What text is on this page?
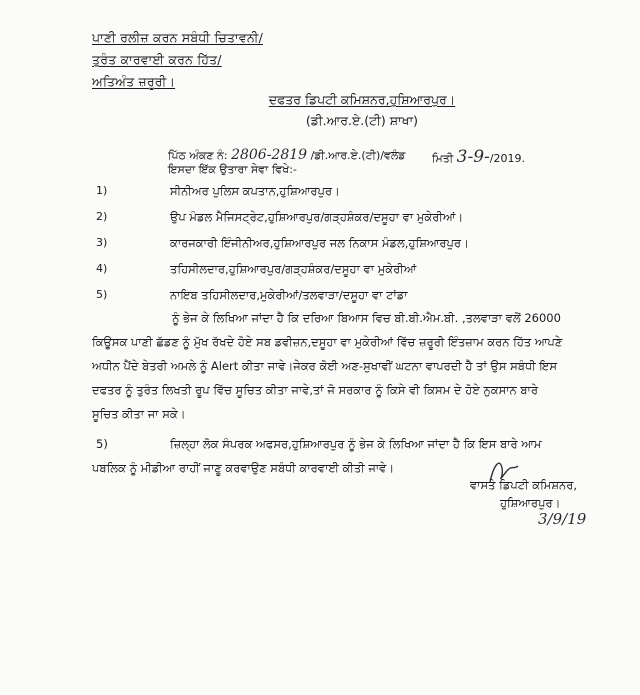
ਪਾਣੀ ਰਲੀਜ਼ ਕਰਨ ਸਬੰਧੀ ਚਿਤਾਵਨੀ/
ਤੁਰੰਤ ਕਾਰਵਾਈ ਕਰਨ ਹਿੱਤ/
ਅਤਿਅੰਤ ਜ਼ਰੂਰੀ।
ਦਫਤਰ ਡਿਪਟੀ ਕਮਿਸ਼ਨਰ,ਹੁਸ਼ਿਆਰਪੁਰ।
(ਡੀ.ਆਰ.ਏ.(ਟੀ) ਸ਼ਾਖਾ)
ਪਿੱਠ ਅੰਕਣ ਨੰ: 2806-2819 /ਡੀ.ਆਰ.ਏ.(ਟੀ)/ਵਲੰਡ ਮਿਤੀ 3-9-/2019.
ਇਸਦਾ ਇੱਕ ਉਤਾਰਾ ਸੇਵਾ ਵਿਖੇ:-
1)	ਸੀਨੀਅਰ ਪੁਲਿਸ ਕਪਤਾਨ,ਹੁਸ਼ਿਆਰਪੁਰ।
2)	ਉਪ ਮੰਡਲ ਮੈਜਿਸਟ੍ਰੇਟ,ਹੁਸ਼ਿਆਰਪੁਰ/ਗੜ੍ਹਸ਼ੰਕਰ/ਦਸੂਹਾ ਵਾ ਮੁਕੇਰੀਆਂ।
3)	ਕਾਰਜਕਾਰੀ ਇੰਜੀਨੀਅਰ,ਹੁਸ਼ਿਆਰਪੁਰ ਜਲ ਨਿਕਾਸ ਮੰਡਲ,ਹੁਸ਼ਿਆਰਪੁਰ।
4)	ਤਹਿਸੀਲਦਾਰ,ਹੁਸ਼ਿਆਰਪੁਰ/ਗੜ੍ਹਸ਼ੰਕਰ/ਦਸੂਹਾ ਵਾ ਮੁਕੇਰੀਆਂ
5)	ਨਾਇਬ ਤਹਿਸੀਲਦਾਰ,ਮੁਕੇਰੀਆਂ/ਤਲਵਾੜਾ/ਦਸੂਹਾ ਵਾ ਟਾਂਡਾ
ਨੂੰ ਭੇਜ ਕੇ ਲਿਖਿਆ ਜਾਂਦਾ ਹੈ ਕਿ ਦਰਿਆ ਬਿਆਸ ਵਿਚ ਬੀ.ਬੀ.ਐਮ.ਬੀ. ,ਤਲਵਾੜਾ ਵਲੋਂ 26000
ਕਿਊਸਕ ਪਾਣੀ ਛੱਡਣ ਨੂੰ ਮੁੱਖ ਰੱਖਦੇ ਹੋਏ ਸਬ ਡਵੀਜ਼ਨ,ਦਸੂਹਾ ਵਾ ਮੁਕੇਰੀਆਂ ਵਿੱਚ ਜ਼ਰੂਰੀ ਇੰਤਜ਼ਾਮ ਕਰਨ ਹਿੱਤ ਆਪਣੇ
ਅਧੀਨ ਪੈਂਦੇ ਬੇਤਰੀ ਅਮਲੇ ਨੂੰ Alert ਕੀਤਾ ਜਾਵੇ।ਜੇਕਰ ਕੋਈ ਅਣ-ਸੁਖਾਵੀਂ ਘਟਨਾ ਵਾਪਰਦੀ ਹੈ ਤਾਂ ਉਸ ਸਬੰਧੀ ਇਸ
ਦਫਤਰ ਨੂੰ ਤੁਰੰਤ ਲਿਖਤੀ ਰੂਪ ਵਿੱਚ ਸੂਚਿਤ ਕੀਤਾ ਜਾਵੇ,ਤਾਂ ਜੋ ਸਰਕਾਰ ਨੂੰ ਕਿਸੇ ਵੀ ਕਿਸਮ ਦੇ ਹੋਏ ਨੁਕਸਾਨ ਬਾਰੇ
ਸੂਚਿਤ ਕੀਤਾ ਜਾ ਸਕੇ।
5)	ਜ਼ਿਲ੍ਹਾ ਲੋਕ ਸੰਪਰਕ ਅਫਸਰ,ਹੁਸ਼ਿਆਰਪੁਰ ਨੂੰ ਭੇਜ ਕੇ ਲਿਖਿਆ ਜਾਂਦਾ ਹੈ ਕਿ ਇਸ ਬਾਰੇ ਆਮ
ਪਬਲਿਕ ਨੂੰ ਮੀਡੀਆ ਰਾਹੀਂ ਜਾਣੂ ਕਰਵਾਉਣ ਸਬੰਧੀ ਕਾਰਵਾਈ ਕੀਤੀ ਜਾਵੇ।
ਵਾਸਤੇ ਡਿਪਟੀ ਕਮਿਸ਼ਨਰ,
ਹੁਸ਼ਿਆਰਪੁਰ।
3/9/19
